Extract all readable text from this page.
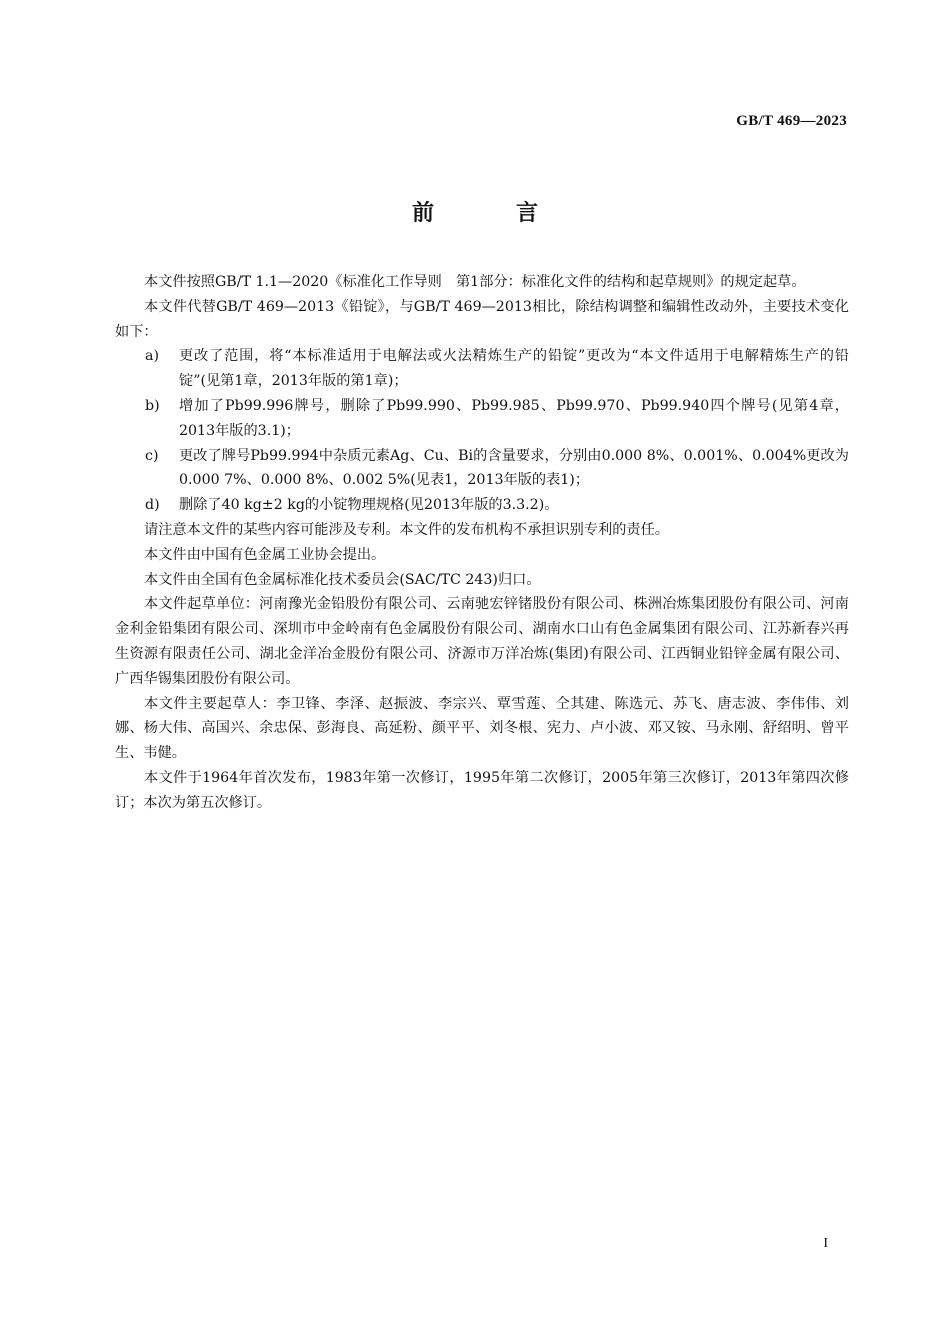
GB/T 469—2023
前　言

本文件按照GB/T 1.1—2020《标准化工作导则　第1部分：标准化文件的结构和起草规则》的规定起草。

本文件代替GB/T 469—2013《铅锭》，与GB/T 469—2013相比，除结构调整和编辑性改动外，主要技术变化如下：

a) 更改了范围，将“本标准适用于电解法或火法精炼生产的铅锭”更改为“本文件适用于电解精炼生产的铅锭”(见第1章，2013年版的第1章)；
b) 增加了Pb99.996牌号，删除了Pb99.990、Pb99.985、Pb99.970、Pb99.940四个牌号(见第4章，2013年版的3.1)；
c) 更改了牌号Pb99.994中杂质元素Ag、Cu、Bi的含量要求，分别由0.000 8%、0.001%、0.004%更改为0.000 7%、0.000 8%、0.002 5%(见表1，2013年版的表1)；
d) 删除了40 kg±2 kg的小锭物理规格(见2013年版的3.3.2)。

请注意本文件的某些内容可能涉及专利。本文件的发布机构不承担识别专利的责任。

本文件由中国有色金属工业协会提出。

本文件由全国有色金属标准化技术委员会(SAC/TC 243)归口。

本文件起草单位：河南豫光金铅股份有限公司、云南驰宏锌锗股份有限公司、株洲冶炼集团股份有限公司、河南金利金铅集团有限公司、深圳市中金岭南有色金属股份有限公司、湖南水口山有色金属集团有限公司、江苏新春兴再生资源有限责任公司、湖北金洋冶金股份有限公司、济源市万洋冶炼(集团)有限公司、江西铜业铅锌金属有限公司、广西华锡集团股份有限公司。

本文件主要起草人：李卫锋、李泽、赵振波、李宗兴、覃雪莲、仝其建、陈选元、苏飞、唐志波、李伟伟、刘娜、杨大伟、高国兴、余忠保、彭海良、高延粉、颜平平、刘冬根、宪力、卢小波、邓又铵、马永刚、舒绍明、曾平生、韦健。

本文件于1964年首次发布，1983年第一次修订，1995年第二次修订，2005年第三次修订，2013年第四次修订；本次为第五次修订。

I
